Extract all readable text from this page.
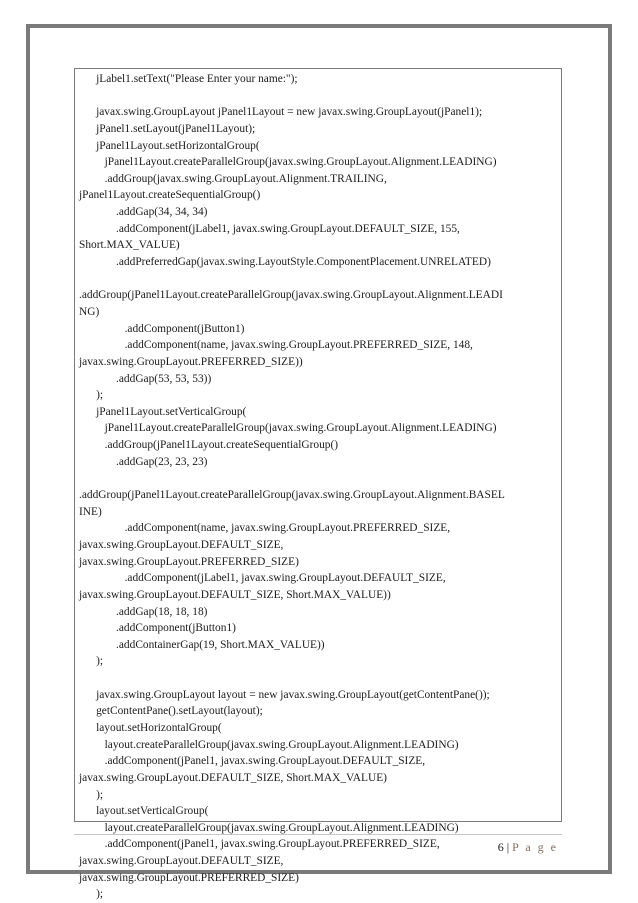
jLabel1.setText("Please Enter your name:");
javax.swing.GroupLayout jPanel1Layout = new javax.swing.GroupLayout(jPanel1);
jPanel1.setLayout(jPanel1Layout);
jPanel1Layout.setHorizontalGroup(
jPanel1Layout.createParallelGroup(javax.swing.GroupLayout.Alignment.LEADING)
.addGroup(javax.swing.GroupLayout.Alignment.TRAILING,
jPanel1Layout.createSequentialGroup()
.addGap(34, 34, 34)
.addComponent(jLabel1, javax.swing.GroupLayout.DEFAULT_SIZE, 155,
Short.MAX_VALUE)
.addPreferredGap(javax.swing.LayoutStyle.ComponentPlacement.UNRELATED)
.addGroup(jPanel1Layout.createParallelGroup(javax.swing.GroupLayout.Alignment.LEADI
NG)
.addComponent(jButton1)
.addComponent(name, javax.swing.GroupLayout.PREFERRED_SIZE, 148,
javax.swing.GroupLayout.PREFERRED_SIZE))
.addGap(53, 53, 53))
);
jPanel1Layout.setVerticalGroup(
jPanel1Layout.createParallelGroup(javax.swing.GroupLayout.Alignment.LEADING)
.addGroup(jPanel1Layout.createSequentialGroup()
.addGap(23, 23, 23)
.addGroup(jPanel1Layout.createParallelGroup(javax.swing.GroupLayout.Alignment.BASEL
INE)
.addComponent(name, javax.swing.GroupLayout.PREFERRED_SIZE,
javax.swing.GroupLayout.DEFAULT_SIZE,
javax.swing.GroupLayout.PREFERRED_SIZE)
.addComponent(jLabel1, javax.swing.GroupLayout.DEFAULT_SIZE,
javax.swing.GroupLayout.DEFAULT_SIZE, Short.MAX_VALUE))
.addGap(18, 18, 18)
.addComponent(jButton1)
.addContainerGap(19, Short.MAX_VALUE))
);
javax.swing.GroupLayout layout = new javax.swing.GroupLayout(getContentPane());
getContentPane().setLayout(layout);
layout.setHorizontalGroup(
layout.createParallelGroup(javax.swing.GroupLayout.Alignment.LEADING)
.addComponent(jPanel1, javax.swing.GroupLayout.DEFAULT_SIZE,
javax.swing.GroupLayout.DEFAULT_SIZE, Short.MAX_VALUE)
);
layout.setVerticalGroup(
layout.createParallelGroup(javax.swing.GroupLayout.Alignment.LEADING)
.addComponent(jPanel1, javax.swing.GroupLayout.PREFERRED_SIZE,
javax.swing.GroupLayout.DEFAULT_SIZE,
javax.swing.GroupLayout.PREFERRED_SIZE)
);
6 | P a g e
